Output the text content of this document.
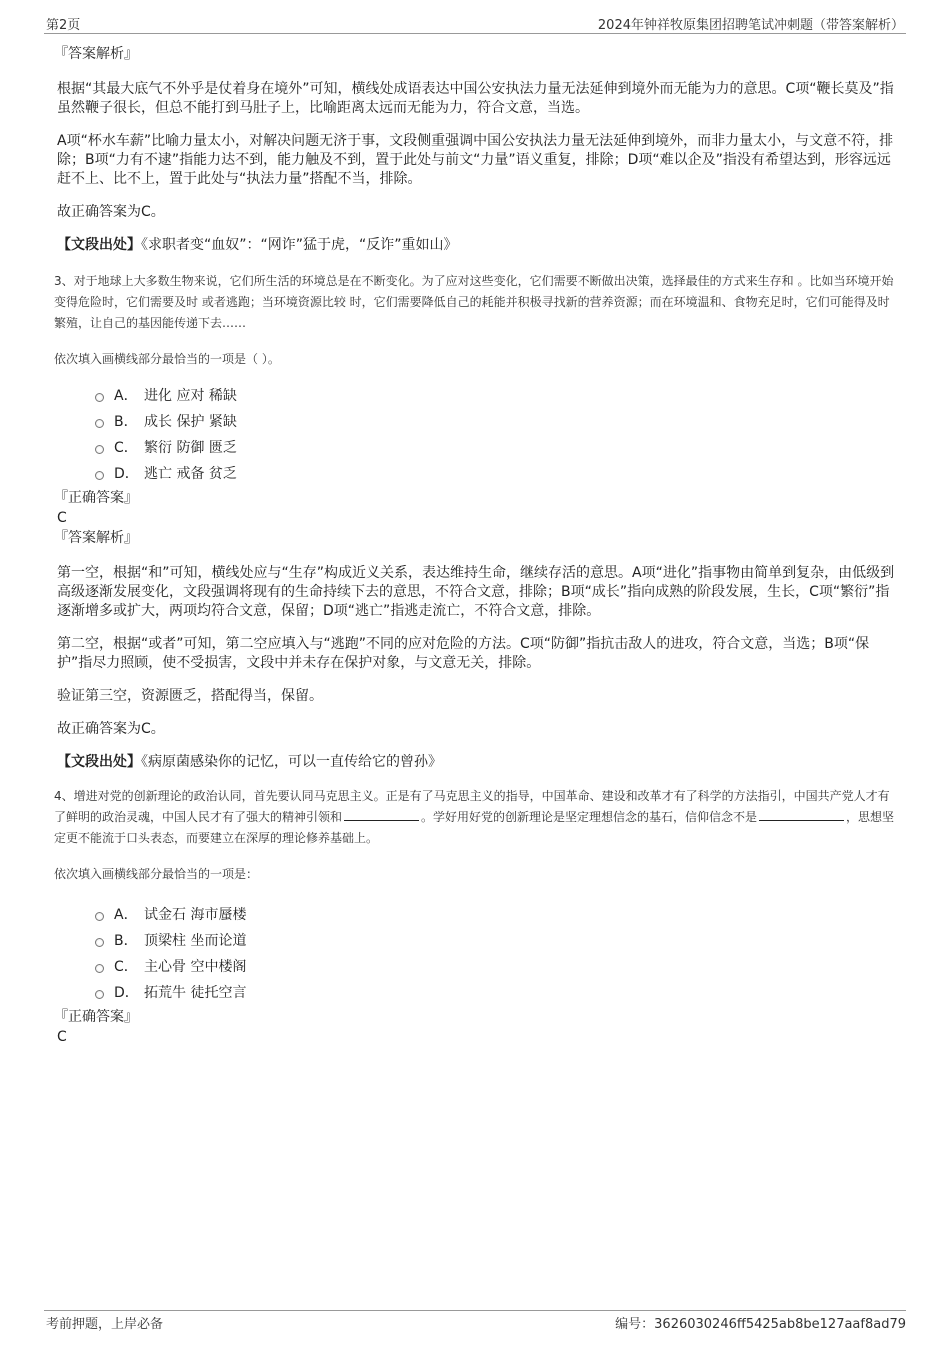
第2页	2024年钟祥牧原集团招聘笔试冲刺题（带答案解析）
『答案解析』

根据“其最大底气不外乎是仗着身在境外”可知，横线处成语表达中国公安执法力量无法延伸到境外而无能为力的意思。C项“鞭长莫及”指虽然鞭子很长，但总不能打到马肚子上，比喻距离太远而无能为力，符合文意，当选。

A项“杯水车薪”比喻力量太小，对解决问题无济于事，文段侧重强调中国公安执法力量无法延伸到境外，而非力量太小，与文意不符，排除；B项“力有不逮”指能力达不到，能力触及不到，置于此处与前文“力量”语义重复，排除；D项“难以企及”指没有希望达到，形容远远赶不上、比不上，置于此处与“执法力量”搭配不当，排除。

故正确答案为C。

【文段出处】《求职者变“血奴”：“网诈”猛于虎，“反诈”重如山》

3、对于地球上大多数生物来说，它们所生活的环境总是在不断变化。为了应对这些变化，它们需要不断做出决策，选择最佳的方式来生存和 。比如当环境开始变得危险时，它们需要及时 或者逃跑；当环境资源比较 时，它们需要降低自己的耗能并积极寻找新的营养资源；而在环境温和、食物充足时，它们可能得及时繁殖，让自己的基因能传递下去……

依次填入画横线部分最恰当的一项是（ ）。

A． 进化 应对 稀缺
B． 成长 保护 紧缺
C． 繁衍 防御 匮乏
D． 逃亡 戒备 贫乏
『正确答案』
C
『答案解析』

第一空，根据“和”可知，横线处应与“生存”构成近义关系，表达维持生命，继续存活的意思。A项“进化”指事物由简单到复杂，由低级到高级逐渐发展变化，文段强调将现有的生命持续下去的意思，不符合文意，排除；B项“成长”指向成熟的阶段发展，生长，C项“繁衍”指逐渐增多或扩大，两项均符合文意，保留；D项“逃亡”指逃走流亡，不符合文意，排除。

第二空，根据“或者”可知，第二空应填入与“逃跑”不同的应对危险的方法。C项“防御”指抗击敌人的进攻，符合文意，当选；B项“保护”指尽力照顾，使不受损害，文段中并未存在保护对象，与文意无关，排除。

验证第三空，资源匮乏，搭配得当，保留。

故正确答案为C。

【文段出处】《病原菌感染你的记忆，可以一直传给它的曾孙》

4、增进对党的创新理论的政治认同，首先要认同马克思主义。正是有了马克思主义的指导，中国革命、建设和改革才有了科学的方法指引，中国共产党人才有了鲜明的政治灵魂，中国人民才有了强大的精神引领和	。学好用好党的创新理论是坚定理想信念的基石，信仰信念不是	，思想坚定更不能流于口头表态，而要建立在深厚的理论修养基础上。

依次填入画横线部分最恰当的一项是：

A． 试金石 海市蜃楼
B． 顶梁柱 坐而论道
C． 主心骨 空中楼阁
D． 拓荒牛 徒托空言
『正确答案』
C
考前押题，上岸必备	编号：3626030246ff5425ab8be127aaf8ad79
